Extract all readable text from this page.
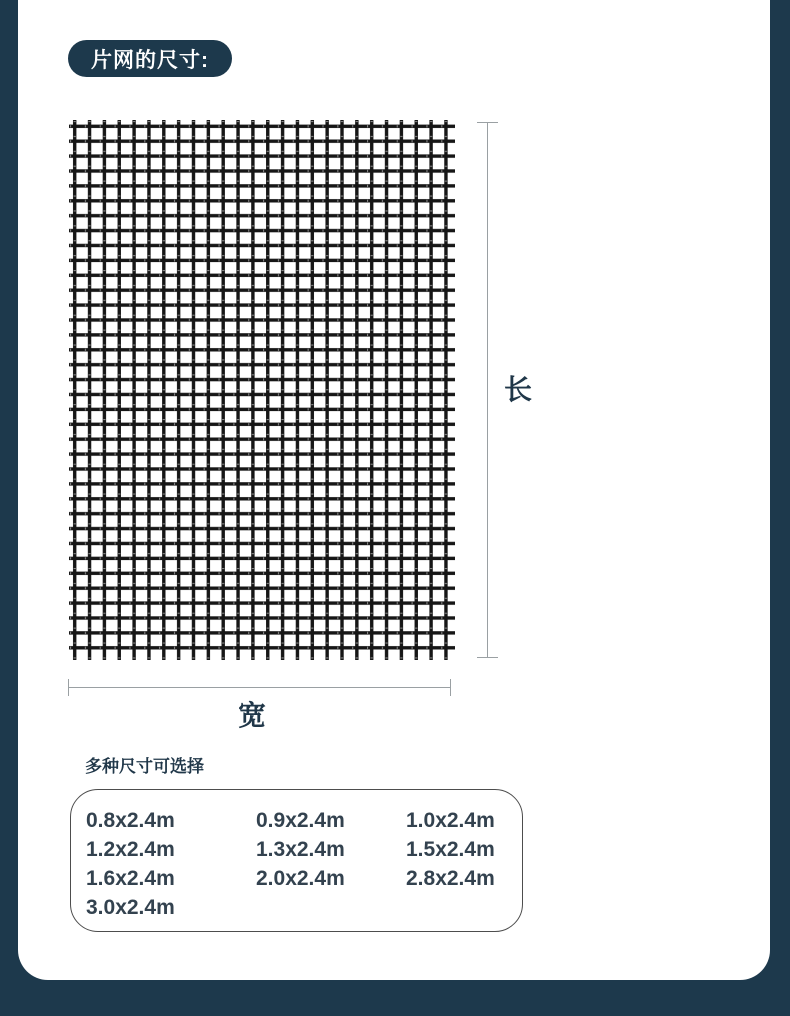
片网的尺寸:
长
宽
多种尺寸可选择
0.8x2.4m	0.9x2.4m	1.0x2.4m
1.2x2.4m	1.3x2.4m	1.5x2.4m
1.6x2.4m	2.0x2.4m	2.8x2.4m
3.0x2.4m
